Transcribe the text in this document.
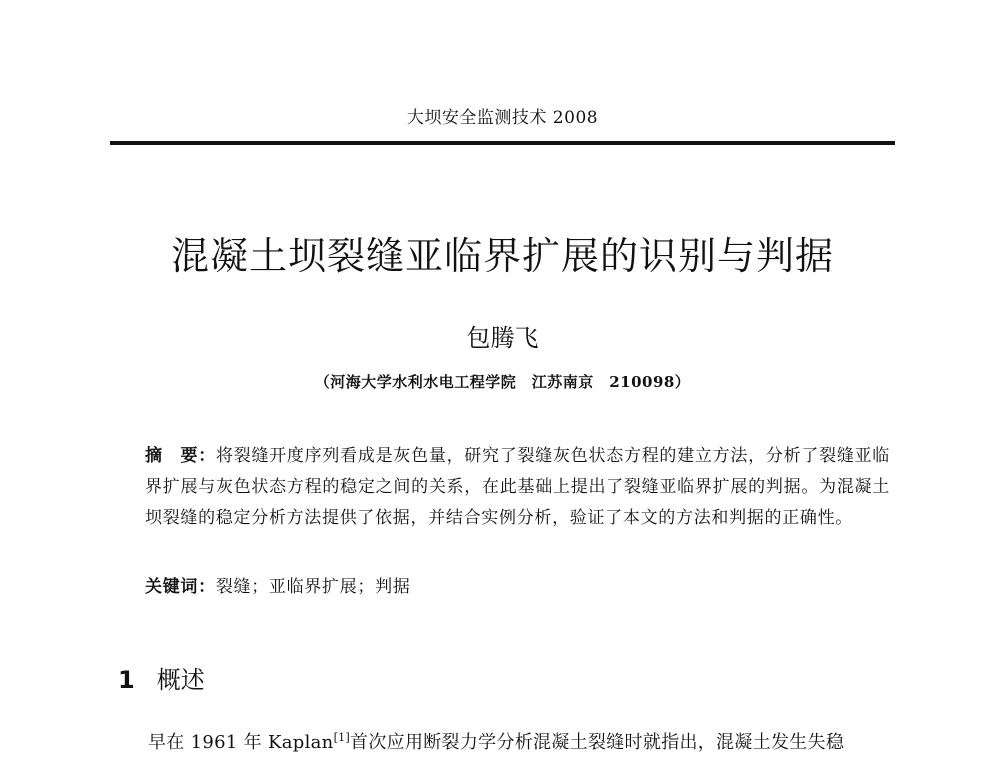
大坝安全监测技术 2008
混凝土坝裂缝亚临界扩展的识别与判据
包腾飞
（河海大学水利水电工程学院　江苏南京　210098）
摘　要：将裂缝开度序列看成是灰色量，研究了裂缝灰色状态方程的建立方法，分析了裂缝亚临界扩展与灰色状态方程的稳定之间的关系，在此基础上提出了裂缝亚临界扩展的判据。为混凝土坝裂缝的稳定分析方法提供了依据，并结合实例分析，验证了本文的方法和判据的正确性。
关键词：裂缝；亚临界扩展；判据
1 概述
早在 1961 年 Kaplan[1]首次应用断裂力学分析混凝土裂缝时就指出，混凝土发生失稳
